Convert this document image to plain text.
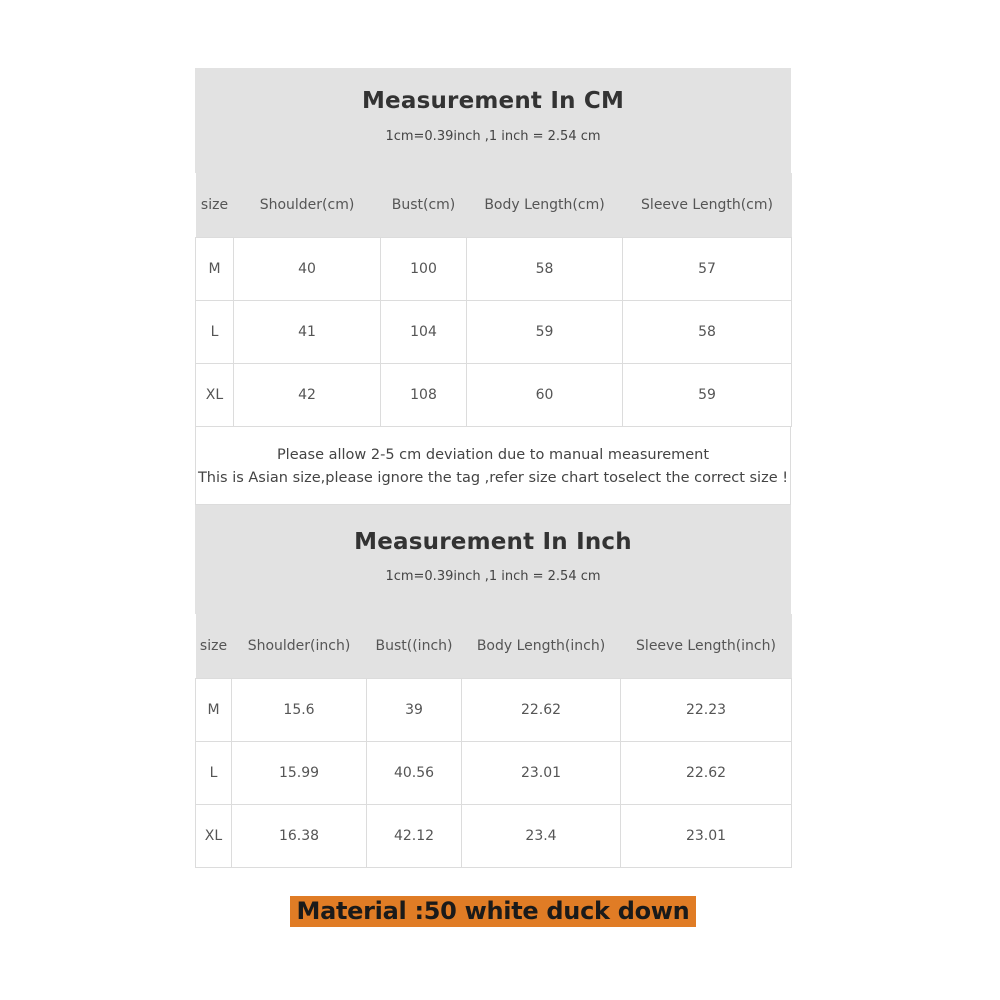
Measurement In CM
1cm=0.39inch ,1 inch = 2.54 cm
size	Shoulder(cm)	Bust(cm)	Body Length(cm)	Sleeve Length(cm)
M	40	100	58	57
L	41	104	59	58
XL	42	108	60	59
Please allow 2-5 cm deviation due to manual measurement
This is Asian size,please ignore the tag ,refer size chart toselect the correct size !
Measurement In Inch
1cm=0.39inch ,1 inch = 2.54 cm
size	Shoulder(inch)	Bust((inch)	Body Length(inch)	Sleeve Length(inch)
M	15.6	39	22.62	22.23
L	15.99	40.56	23.01	22.62
XL	16.38	42.12	23.4	23.01
Material :50 white duck down
